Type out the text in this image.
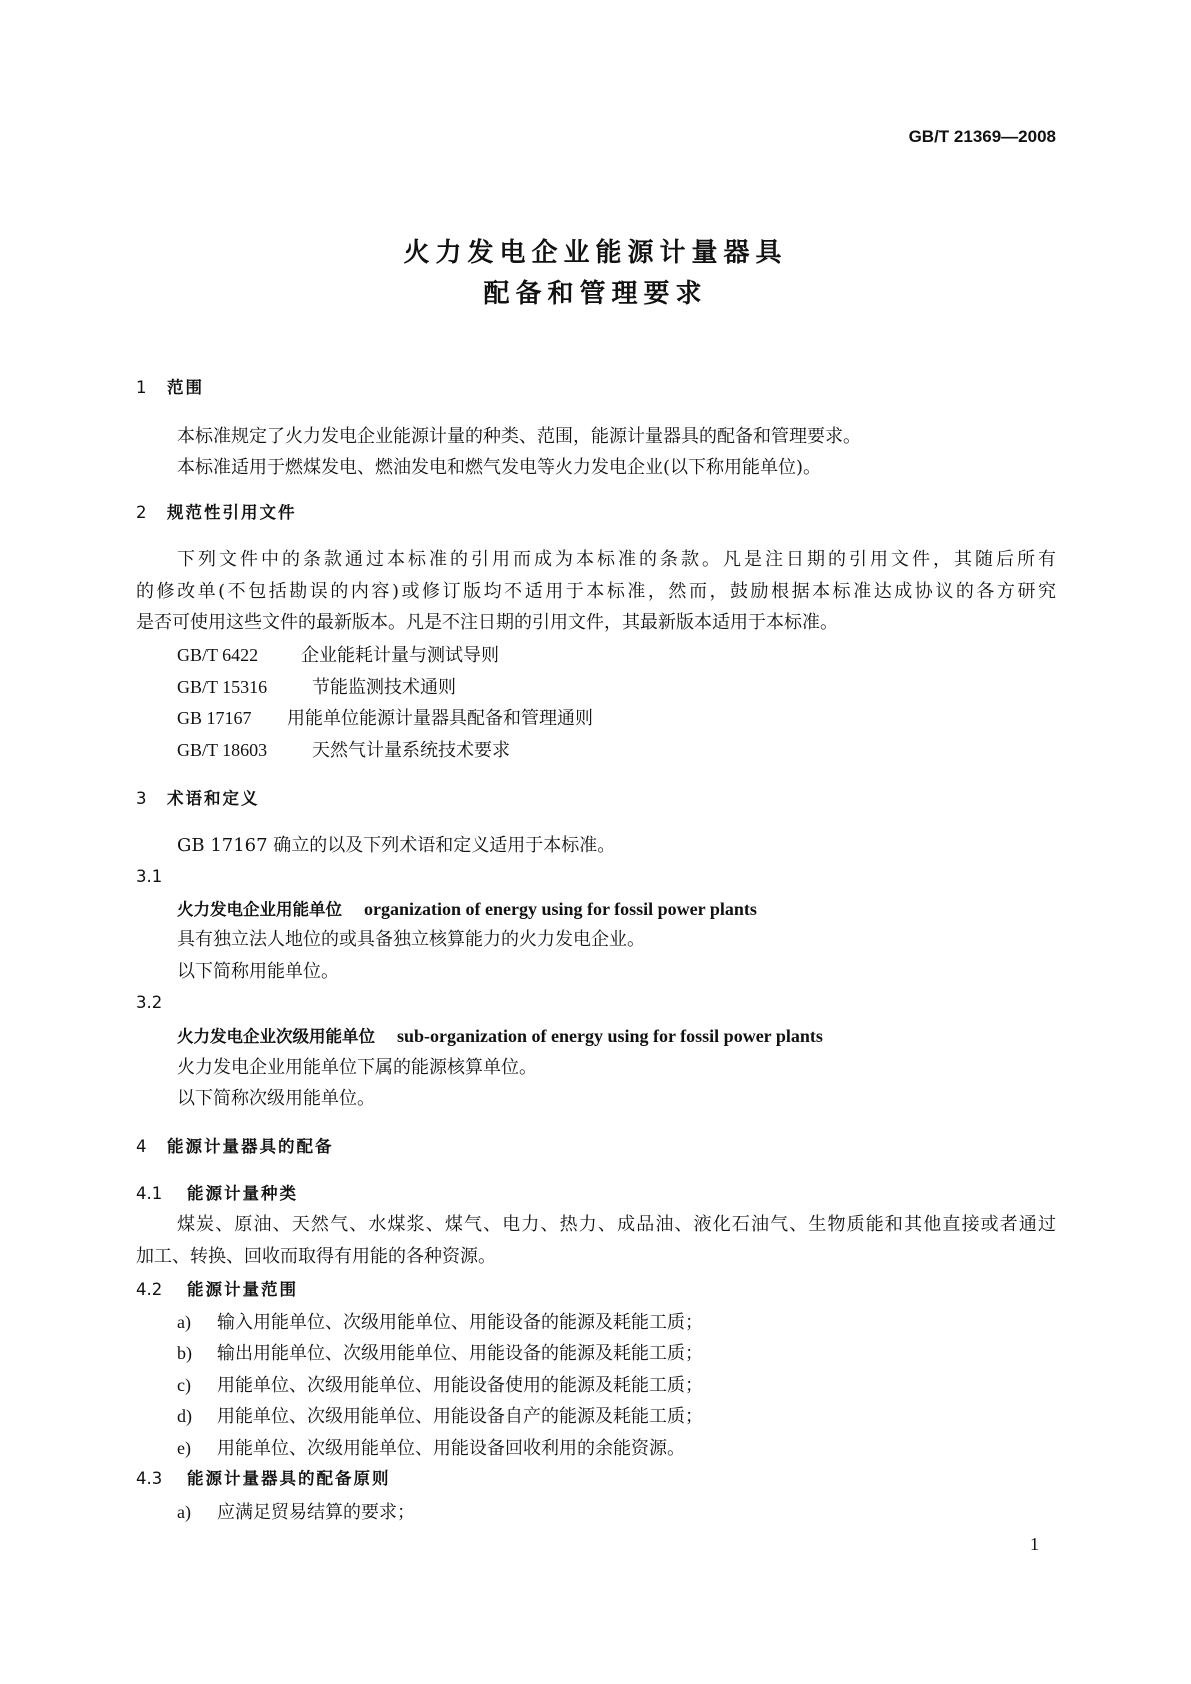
GB/T 21369—2008
火力发电企业能源计量器具
配备和管理要求
1 范围
本标准规定了火力发电企业能源计量的种类、范围，能源计量器具的配备和管理要求。
本标准适用于燃煤发电、燃油发电和燃气发电等火力发电企业(以下称用能单位)。
2 规范性引用文件
下列文件中的条款通过本标准的引用而成为本标准的条款。凡是注日期的引用文件，其随后所有
的修改单(不包括勘误的内容)或修订版均不适用于本标准，然而，鼓励根据本标准达成协议的各方研究
是否可使用这些文件的最新版本。凡是不注日期的引用文件，其最新版本适用于本标准。
GB/T 6422 企业能耗计量与测试导则
GB/T 15316 节能监测技术通则
GB 17167 用能单位能源计量器具配备和管理通则
GB/T 18603 天然气计量系统技术要求
3 术语和定义
GB 17167 确立的以及下列术语和定义适用于本标准。
3.1
火力发电企业用能单位 organization of energy using for fossil power plants
具有独立法人地位的或具备独立核算能力的火力发电企业。
以下简称用能单位。
3.2
火力发电企业次级用能单位 sub-organization of energy using for fossil power plants
火力发电企业用能单位下属的能源核算单位。
以下简称次级用能单位。
4 能源计量器具的配备
4.1 能源计量种类
煤炭、原油、天然气、水煤浆、煤气、电力、热力、成品油、液化石油气、生物质能和其他直接或者通过
加工、转换、回收而取得有用能的各种资源。
4.2 能源计量范围
a) 输入用能单位、次级用能单位、用能设备的能源及耗能工质；
b) 输出用能单位、次级用能单位、用能设备的能源及耗能工质；
c) 用能单位、次级用能单位、用能设备使用的能源及耗能工质；
d) 用能单位、次级用能单位、用能设备自产的能源及耗能工质；
e) 用能单位、次级用能单位、用能设备回收利用的余能资源。
4.3 能源计量器具的配备原则
a) 应满足贸易结算的要求；
1
